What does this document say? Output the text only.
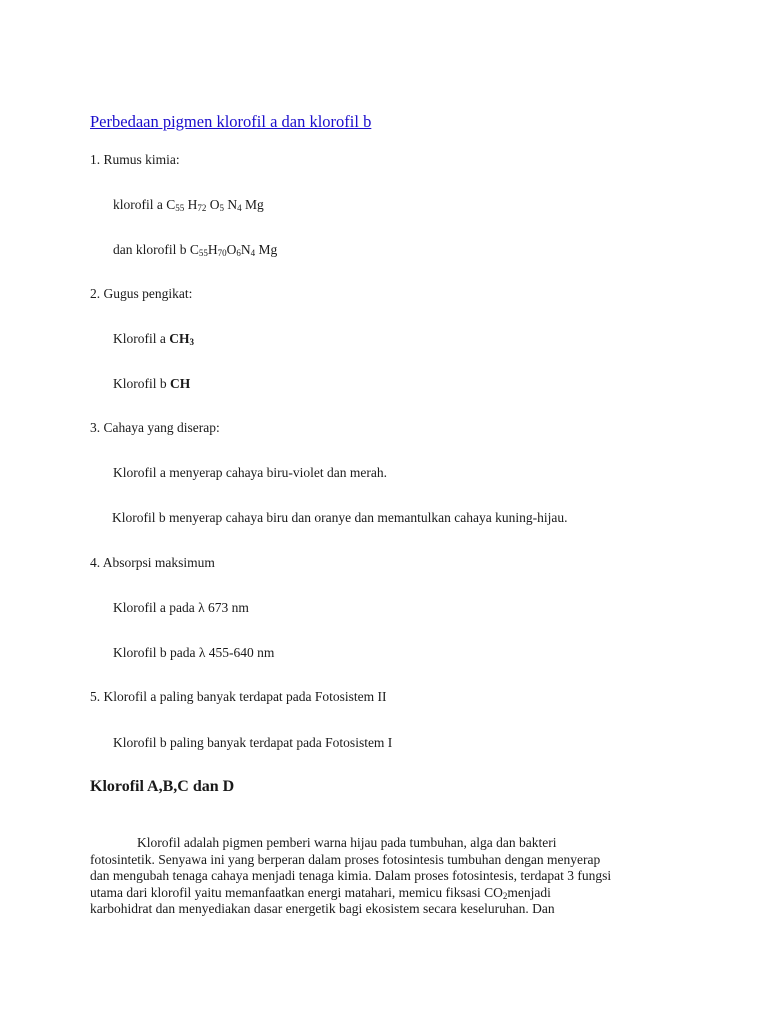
Perbedaan pigmen klorofil a dan klorofil b
1. Rumus kimia:
klorofil a $C_{55}$ $H_{72}$ $O_5$ $N_4$ Mg
dan klorofil b $C_{55}H_{70}O_6N_4$ Mg
2. Gugus pengikat:
Klorofil a $CH_3$
Klorofil b CH
3. Cahaya yang diserap:
Klorofil a menyerap cahaya biru-violet dan merah.
Klorofil b menyerap cahaya biru dan oranye dan memantulkan cahaya kuning-hijau.
4. Absorpsi maksimum
Klorofil a pada λ 673 nm
Klorofil b pada λ 455-640 nm
5. Klorofil a paling banyak terdapat pada Fotosistem II
Klorofil b paling banyak terdapat pada Fotosistem I
Klorofil A,B,C dan D
Klorofil adalah pigmen pemberi warna hijau pada tumbuhan, alga dan bakteri
fotosintetik. Senyawa ini yang berperan dalam proses fotosintesis tumbuhan dengan menyerap
dan mengubah tenaga cahaya menjadi tenaga kimia. Dalam proses fotosintesis, terdapat 3 fungsi
utama dari klorofil yaitu memanfaatkan energi matahari, memicu fiksasi $CO_2menjadi$
karbohidrat dan menyediakan dasar energetik bagi ekosistem secara keseluruhan. Dan
